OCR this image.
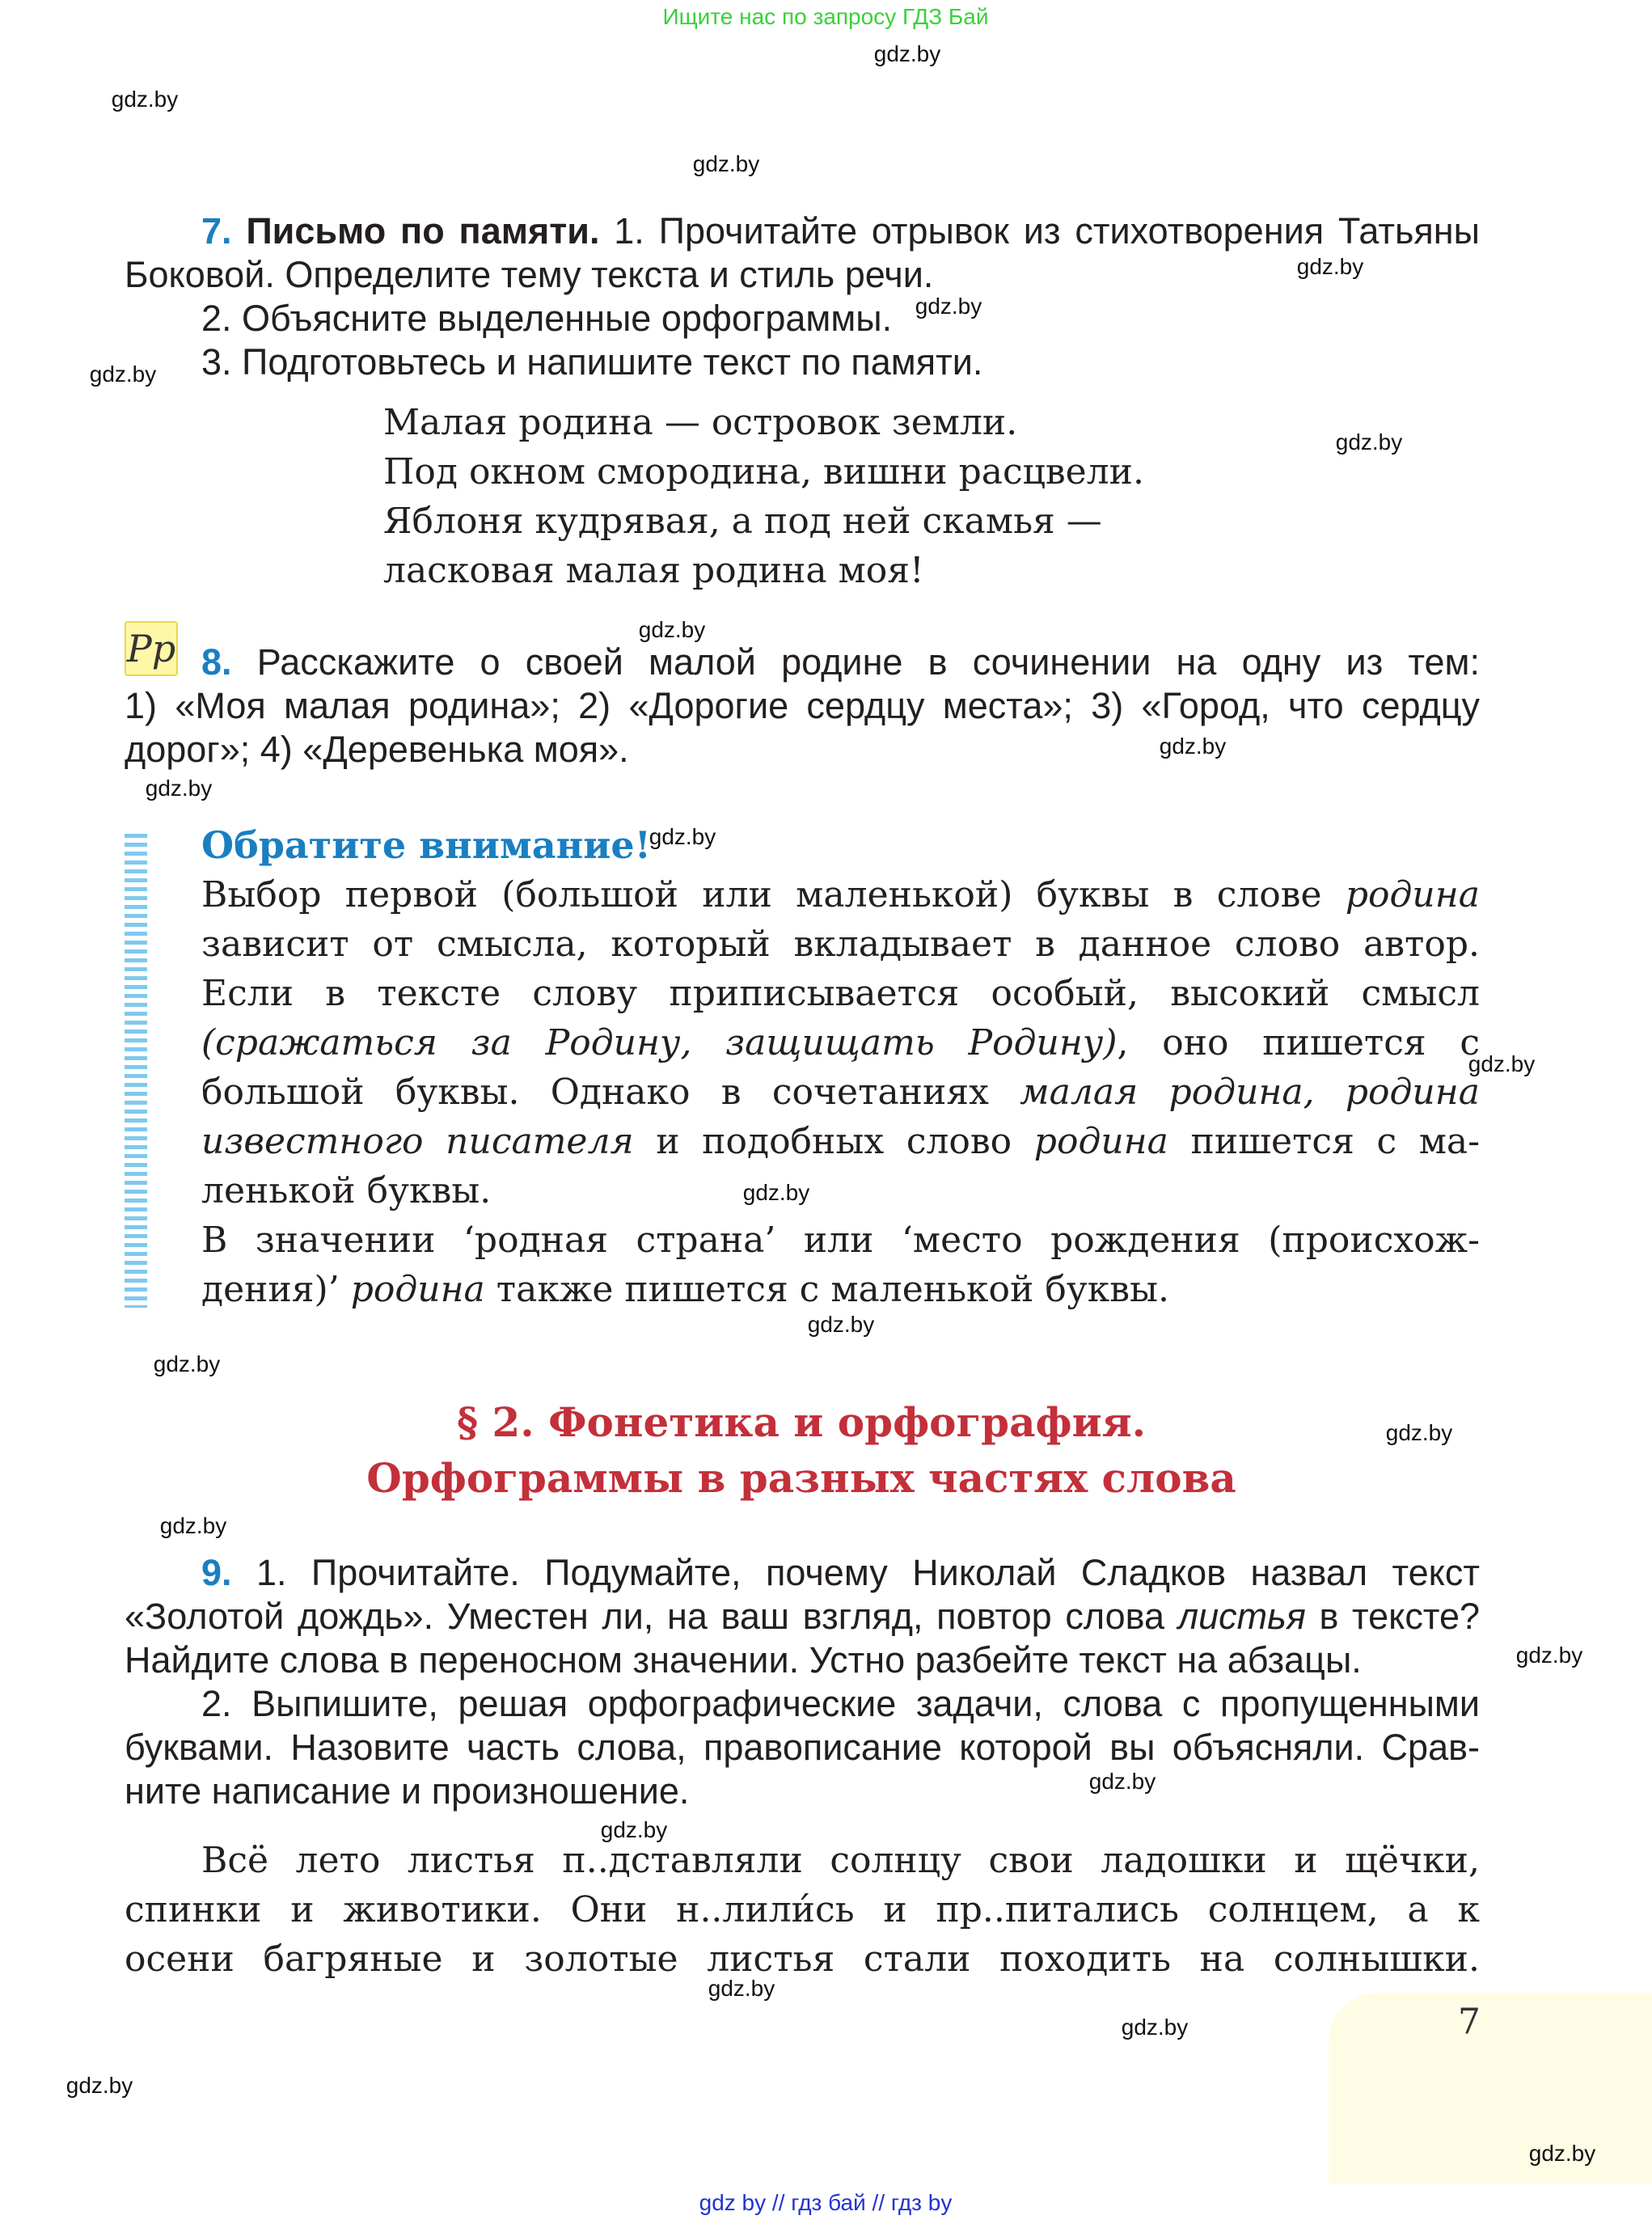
Ищите нас по запросу ГДЗ Бай
gdz.by
gdz.by
gdz.by
gdz.by
gdz.by
gdz.by
gdz.by
gdz.by
gdz.by
gdz.by
gdz.by
gdz.by
gdz.by
gdz.by
gdz.by
gdz.by
gdz.by
gdz.by
gdz.by
gdz.by
gdz.by
gdz.by
gdz.by
gdz.by
7. Письмо по памяти. 1. Прочитайте отрывок из стихотворения Татьяны
Боковой. Определите тему текста и стиль речи.
2. Объясните выделенные орфограммы.
3. Подготовьтесь и напишите текст по памяти.
Малая родина — островок земли.
Под окном смородина, вишни расцвели.
Яблоня кудрявая, а под ней скамья —
ласковая малая родина моя!
Pp 8. Расскажите о своей малой родине в сочинении на одну из тем:
1) «Моя малая родина»; 2) «Дорогие сердцу места»; 3) «Город, что сердцу
дорог»; 4) «Деревенька моя».
Обратите внимание!
Выбор первой (большой или маленькой) буквы в слове родина
зависит от смысла, который вкладывает в данное слово автор.
Если в тексте слову приписывается особый, высокий смысл
(сражаться за Родину, защищать Родину), оно пишется с
большой буквы. Однако в сочетаниях малая родина, родина
известного писателя и подобных слово родина пишется с ма-
ленькой буквы.
В значении ‘родная страна’ или ‘место рождения (происхож-
дения)’ родина также пишется с маленькой буквы.
§ 2. Фонетика и орфография.
Орфограммы в разных частях слова
9. 1. Прочитайте. Подумайте, почему Николай Сладков назвал текст
«Золотой дождь». Уместен ли, на ваш взгляд, повтор слова листья в тексте?
Найдите слова в переносном значении. Устно разбейте текст на абзацы.
2. Выпишите, решая орфографические задачи, слова с пропущенными
буквами. Назовите часть слова, правописание которой вы объясняли. Срав-
ните написание и произношение.
Всё лето листья п..дставляли солнцу свои ладошки и щёчки,
спинки и животики. Они н..лили́сь и пр..питались солнцем, а к
осени багряные и золотые листья стали походить на солнышки.
7
gdz by // гдз бай // гдз by
